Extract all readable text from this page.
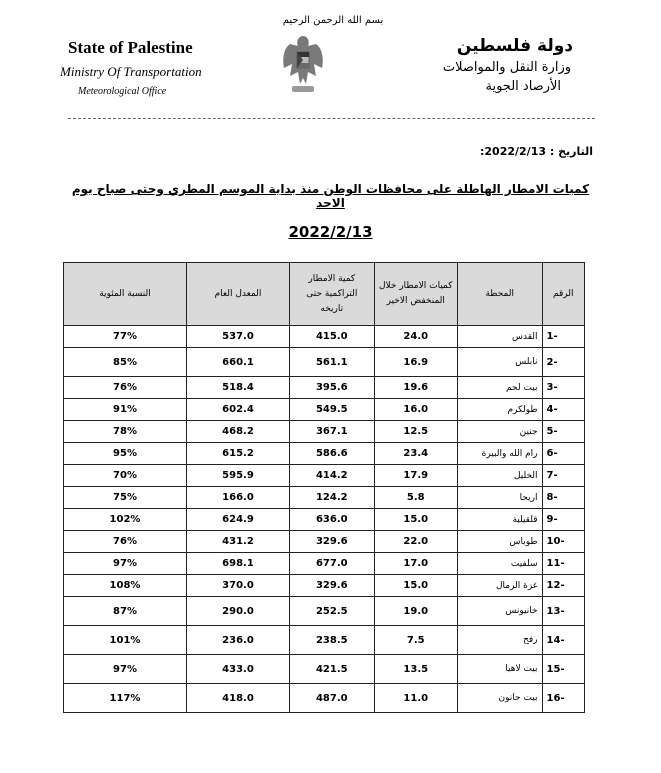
State of Palestine
Ministry Of Transportation
Meteorological Office
بسم الله الرحمن الرحيم
دولة فلسطين
وزارة النقل والمواصلات
الأرصاد الجوية
التاريخ : 2022/2/13:
كميات الامطار الهاطلة على محافظات الوطن منذ بداية الموسم المطري وحتى صباح يوم الاحد
2022/2/13
الرقم	المحطة	كميات الامطار خلال المنخفض الاخير	كمية الامطار التراكمية حتى تاريخه	المعدل العام	النسبة المئوية
-1	القدس	24.0	415.0	537.0	77%
-2	نابلس	16.9	561.1	660.1	85%
-3	بيت لحم	19.6	395.6	518.4	76%
-4	طولكرم	16.0	549.5	602.4	91%
-5	جنين	12.5	367.1	468.2	78%
-6	رام الله والبيرة	23.4	586.6	615.2	95%
-7	الخليل	17.9	414.2	595.9	70%
-8	اريحا	5.8	124.2	166.0	75%
-9	قلقيلية	15.0	636.0	624.9	102%
-10	طوباس	22.0	329.6	431.2	76%
-11	سلفيت	17.0	677.0	698.1	97%
-12	غزة الرمال	15.0	329.6	370.0	108%
-13	خانيونس	19.0	252.5	290.0	87%
-14	رفح	7.5	238.5	236.0	101%
-15	بيت لاهيا	13.5	421.5	433.0	97%
-16	بيت حانون	11.0	487.0	418.0	117%
